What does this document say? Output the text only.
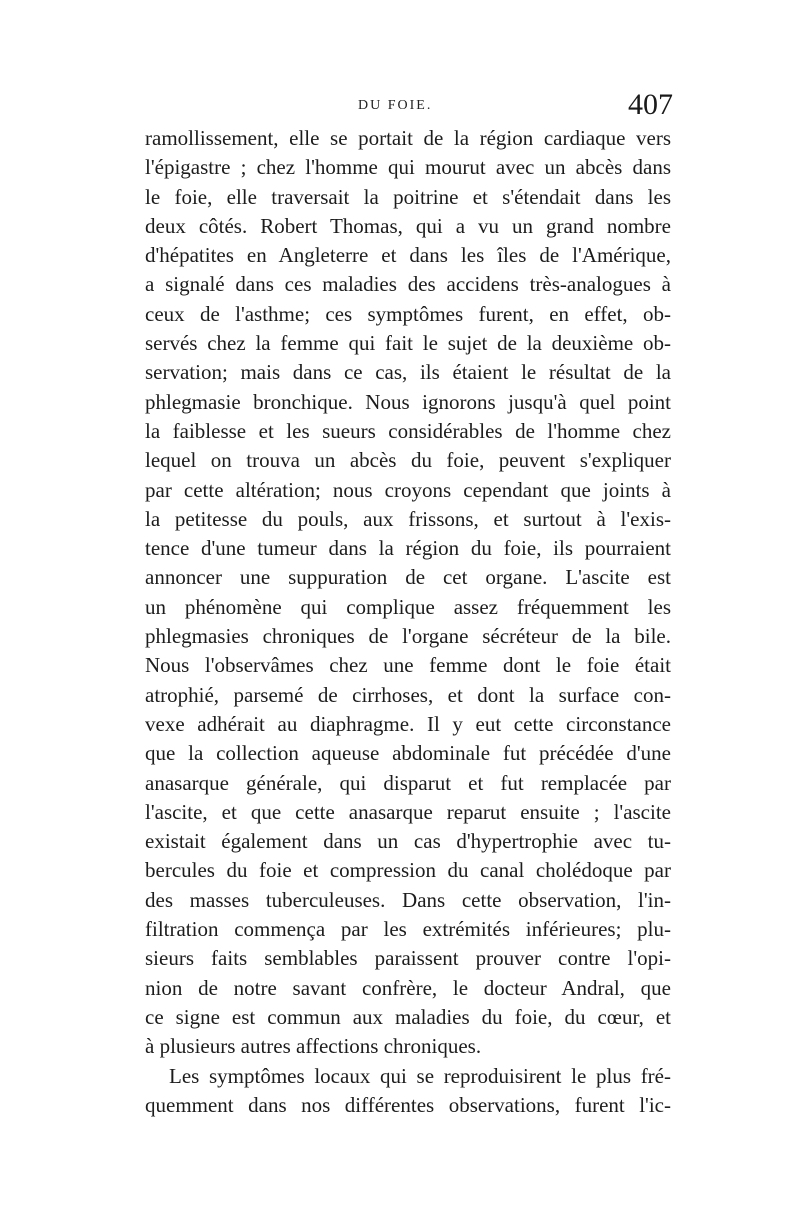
DU FOIE.	407
ramollissement, elle se portait de la région cardiaque vers
l'épigastre ; chez l'homme qui mourut avec un abcès dans
le foie, elle traversait la poitrine et s'étendait dans les
deux côtés. Robert Thomas, qui a vu un grand nombre
d'hépatites en Angleterre et dans les îles de l'Amérique,
a signalé dans ces maladies des accidens très-analogues à
ceux de l'asthme; ces symptômes furent, en effet, ob-
servés chez la femme qui fait le sujet de la deuxième ob-
servation; mais dans ce cas, ils étaient le résultat de la
phlegmasie bronchique. Nous ignorons jusqu'à quel point
la faiblesse et les sueurs considérables de l'homme chez
lequel on trouva un abcès du foie, peuvent s'expliquer
par cette altération; nous croyons cependant que joints à
la petitesse du pouls, aux frissons, et surtout à l'exis-
tence d'une tumeur dans la région du foie, ils pourraient
annoncer une suppuration de cet organe. L'ascite est
un phénomène qui complique assez fréquemment les
phlegmasies chroniques de l'organe sécréteur de la bile.
Nous l'observâmes chez une femme dont le foie était
atrophié, parsemé de cirrhoses, et dont la surface con-
vexe adhérait au diaphragme. Il y eut cette circonstance
que la collection aqueuse abdominale fut précédée d'une
anasarque générale, qui disparut et fut remplacée par
l'ascite, et que cette anasarque reparut ensuite ; l'ascite
existait également dans un cas d'hypertrophie avec tu-
bercules du foie et compression du canal cholédoque par
des masses tuberculeuses. Dans cette observation, l'in-
filtration commença par les extrémités inférieures; plu-
sieurs faits semblables paraissent prouver contre l'opi-
nion de notre savant confrère, le docteur Andral, que
ce signe est commun aux maladies du foie, du cœur, et
à plusieurs autres affections chroniques.
Les symptômes locaux qui se reproduisirent le plus fré-
quemment dans nos différentes observations, furent l'ic-
